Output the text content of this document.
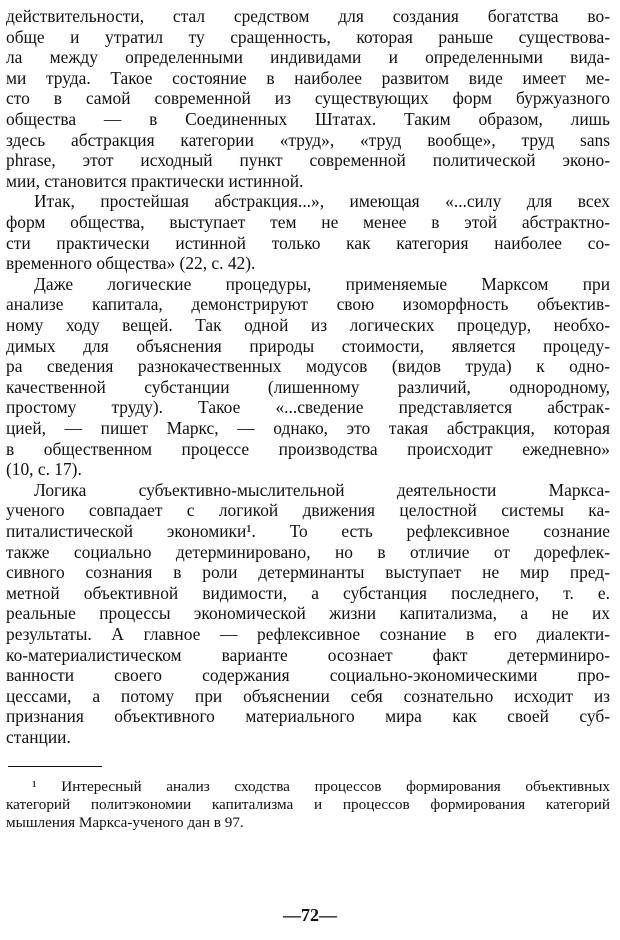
действительности, стал средством для создания богатства во-
обще и утратил ту сращенность, которая раньше существова-
ла между определенными индивидами и определенными вида-
ми труда. Такое состояние в наиболее развитом виде имеет ме-
сто в самой современной из существующих форм буржуазного
общества — в Соединенных Штатах. Таким образом, лишь
здесь абстракция категории «труд», «труд вообще», труд sans
phrase, этот исходный пункт современной политической эконо-
мии, становится практически истинной.
Итак, простейшая абстракция...», имеющая «...силу для всех
форм общества, выступает тем не менее в этой абстрактно-
сти практически истинной только как категория наиболее со-
временного общества» (22, с. 42).
Даже логические процедуры, применяемые Марксом при
анализе капитала, демонстрируют свою изоморфность объектив-
ному ходу вещей. Так одной из логических процедур, необхо-
димых для объяснения природы стоимости, является процеду-
ра сведения разнокачественных модусов (видов труда) к одно-
качественной субстанции (лишенному различий, однородному,
простому труду). Такое «...сведение представляется абстрак-
цией, — пишет Маркс, — однако, это такая абстракция, которая
в общественном процессе производства происходит ежедневно»
(10, с. 17).
Логика субъективно-мыслительной деятельности Маркса-
ученого совпадает с логикой движения целостной системы ка-
питалистической экономики¹. То есть рефлексивное сознание
также социально детерминировано, но в отличие от дорефлек-
сивного сознания в роли детерминанты выступает не мир пред-
метной объективной видимости, а субстанция последнего, т. е.
реальные процессы экономической жизни капитализма, а не их
результаты. А главное — рефлексивное сознание в его диалекти-
ко-материалистическом варианте осознает факт детерминиро-
ванности своего содержания социально-экономическими про-
цессами, а потому при объяснении себя сознательно исходит из
признания объективного материального мира как своей суб-
станции.
¹ Интересный анализ сходства процессов формирования объективных
категорий политэкономии капитализма и процессов формирования категорий
мышления Маркса-ученого дан в 97.
—72—
